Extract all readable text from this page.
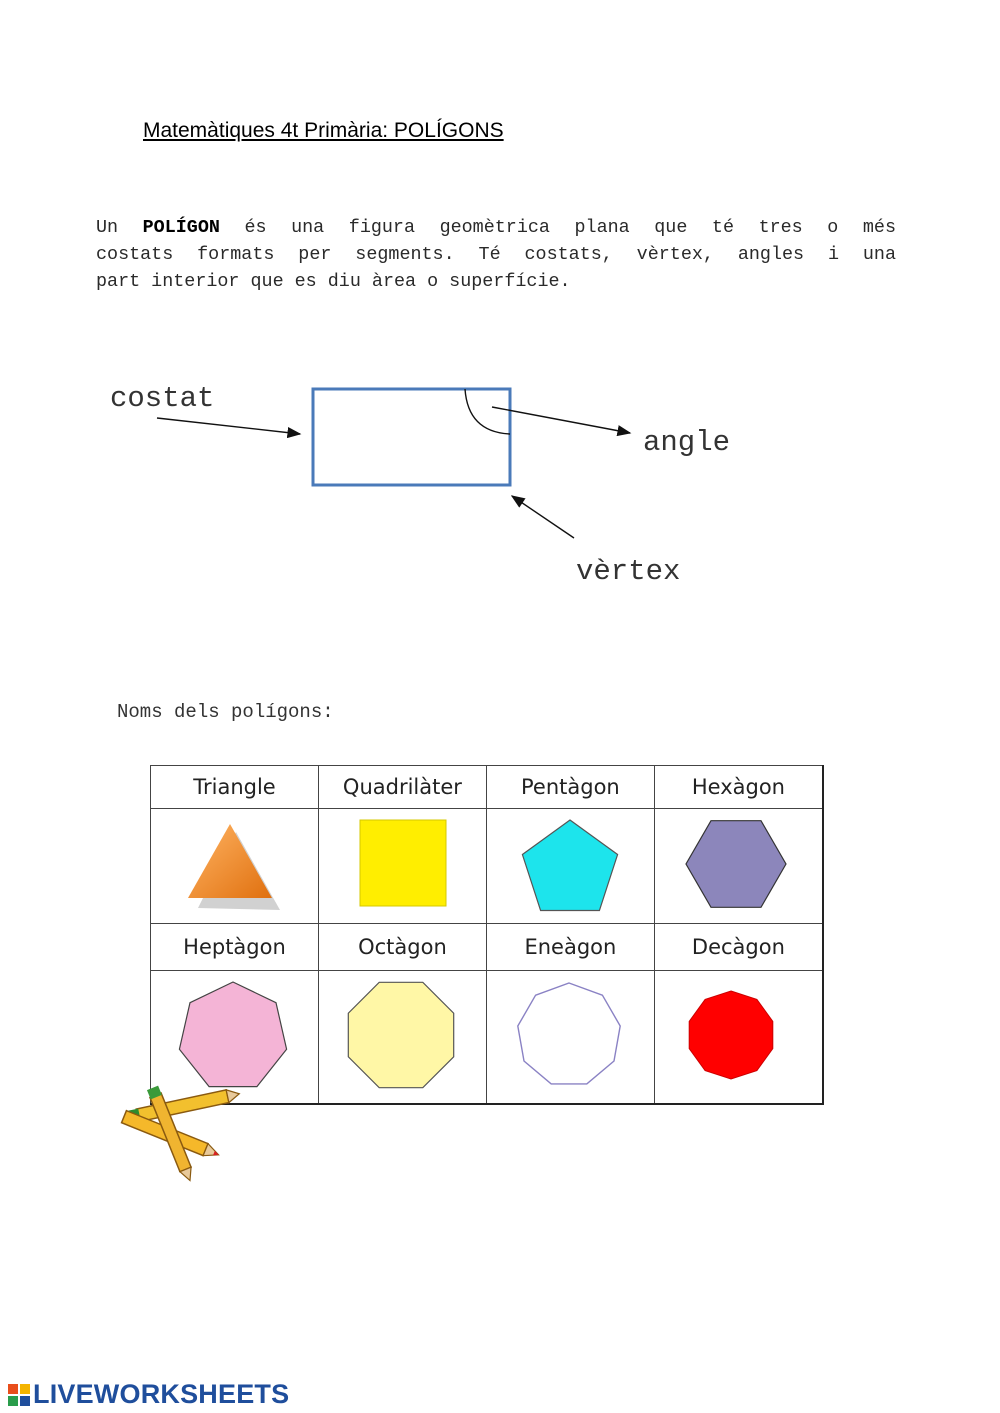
Matemàtiques 4t Primària: POLÍGONS
Un POLÍGON és una figura geomètrica plana que té tres o més
costats formats per segments. Té costats, vèrtex, angles i una
part interior que es diu àrea o superfície.
costat
angle
vèrtex
Noms dels polígons:
Triangle	Quadrilàter	Pentàgon	Hexàgon

Heptàgon	Octàgon	Eneàgon	Decàgon

LIVEWORKSHEETS
